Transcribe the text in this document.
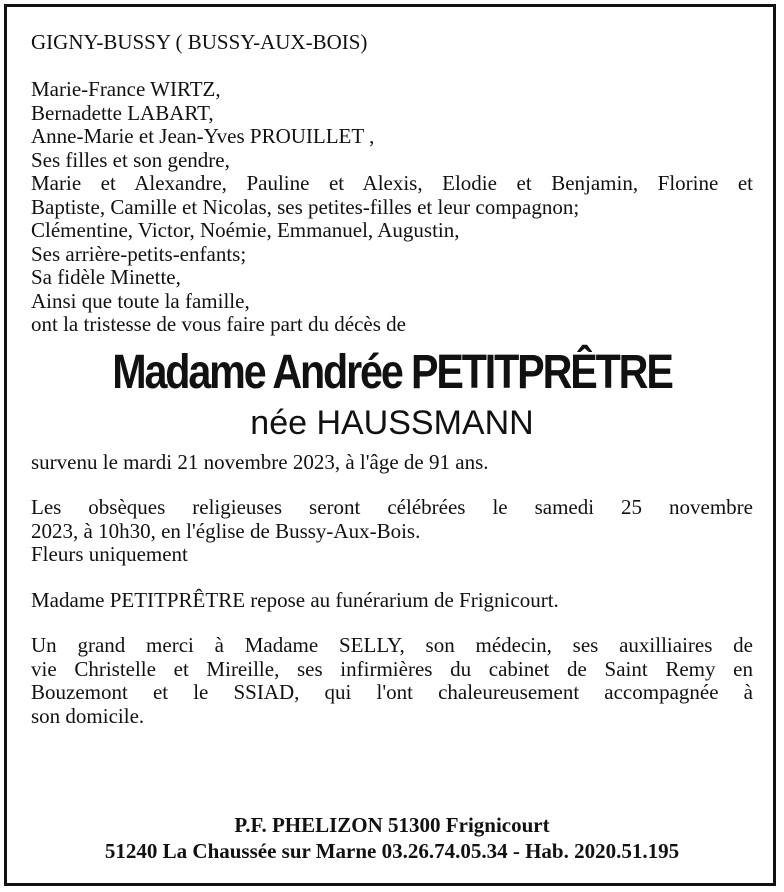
GIGNY-BUSSY ( BUSSY-AUX-BOIS)
Marie-France WIRTZ,
Bernadette LABART,
Anne-Marie et Jean-Yves PROUILLET ,
Ses filles et son gendre,
Marie et Alexandre, Pauline et Alexis, Elodie et Benjamin, Florine et
Baptiste, Camille et Nicolas, ses petites-filles et leur compagnon;
Clémentine, Victor, Noémie, Emmanuel, Augustin,
Ses arrière-petits-enfants;
Sa fidèle Minette,
Ainsi que toute la famille,
ont la tristesse de vous faire part du décès de
Madame Andrée PETITPRÊTRE
née HAUSSMANN
survenu le mardi 21 novembre 2023, à l'âge de 91 ans.
Les obsèques religieuses seront célébrées le samedi 25 novembre
2023, à 10h30, en l'église de Bussy-Aux-Bois.
Fleurs uniquement
Madame PETITPRÊTRE repose au funérarium de Frignicourt.
Un grand merci à Madame SELLY, son médecin, ses auxilliaires de
vie Christelle et Mireille, ses infirmières du cabinet de Saint Remy en
Bouzemont et le SSIAD, qui l'ont chaleureusement accompagnée à
son domicile.
P.F. PHELIZON 51300 Frignicourt
51240 La Chaussée sur Marne 03.26.74.05.34 - Hab. 2020.51.195
